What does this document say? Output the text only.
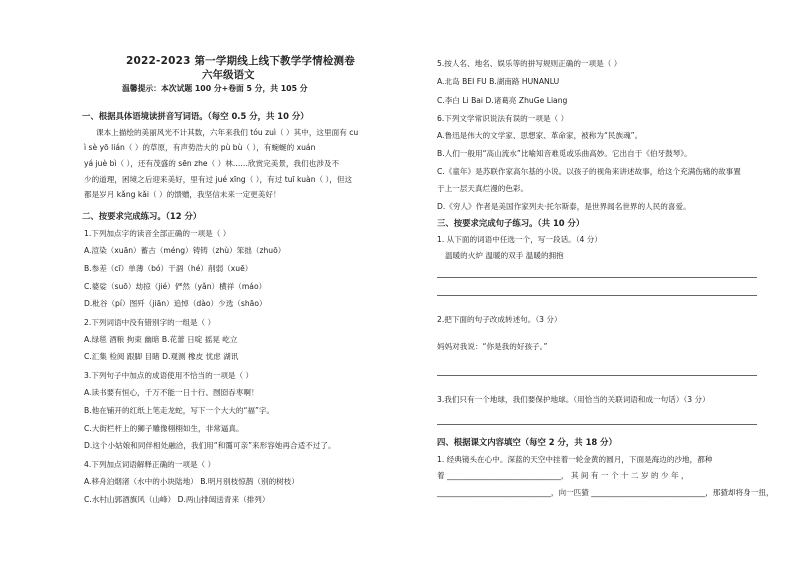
2022-2023 第一学期线上线下教学学情检测卷
六年级语文
温馨提示：本次试题 100 分+卷面 5 分，共 105 分
一、根据具体语境读拼音写词语。（每空 0.5 分，共 10 分）
课本上描绘的美丽风光不计其数，六年来我们 tóu zuì（ ）其中，这里面有 cu
ì sè yō lián（ ）的草原，有声势浩大的 pù bù（ ），有蜿蜒的 xuán
yá juè bì（ ），还有茂盛的 sēn zhe（ ）林……欣赏完美景，我们也涉及不
少的道理，困境之后迎来美好，里有过 jué xīng（ ），有过 tuī kuàn（ ），但这
都是岁月 kǎng kǎi（ ）的馈赠，我坚信未来一定更美好！
二、按要求完成练习。（12 分）
1.下列加点字的读音全部正确的一项是（ ）
A.渲染（xuān）蓄古（méng）铸铸（zhù）笨拙（zhuō）
B.参差（cī）单薄（bó）干涸（hé）削弱（xuē）
C.婆娑（suō）劫掠（jié）俨然（yǎn）横祥（máo）
D.枇谷（pí）图歼（jiān）追悼（dào）少选（shāo）
2.下列词语中没有错别字的一组是（ ）
A.绿毯 酒粮 拘束 幽暗 B.花蕾 日啶 摇晃 屹立
C.汇集 检阅 跟脚 目睹 D.观测 橡皮 忧虑 湖讯
3.下列句子中加点的成语使用不恰当的一项是（ ）
A.读书要有恒心，千万不能一日十行、囫囵吞枣啊！
B.他在铺开的红纸上笔走龙蛇，写下一个大大的“福”字。
C.大街栏杆上的狮子雕像栩栩如生，非常逼真。
D.这个小姑娘和同伴相处融洽，我们用“和霭可亲”来形容她再合适不过了。
4.下列加点词语解释正确的一项是（ ）
A.移舟泊烟渚（水中的小块陆地） B.明月别枝惊鹊（别的树枝）
C.水村山郭酒旗风（山峰） D.两山排闼送青来（排列）
5.按人名、地名、娱乐等的拼写规则正确的一项是（ ）
A.北岛 BEI FU B.湖南路 HUNANLU
C.李白 Li Bai D.诸葛亮 ZhuGe Liang
6.下列文学常识说法有误的一项是（ ）
A.鲁迅是伟大的文学家、思想家、革命家，被称为“民族魂”。
B.人们一般用“高山流水”比喻知音难觅或乐曲高妙。它出自于《伯牙鼓琴》。
C.《童年》是苏联作家高尔基的小说。以孩子的视角来讲述故事，给这个充满伤痛的故事置
于上一层天真烂漫的色彩。
D.《穷人》作者是美国作家列夫·托尔斯泰，是世界闻名世界的人民的喜爱。
三、按要求完成句子练习。（共 10 分）
1. 从下面的词语中任选一个，写一段话。（4 分）
温暖的火炉 温暖的双手 温暖的拥抱
2.把下面的句子改成转述句。（3 分）
妈妈对我说：“你是我的好孩子。”
3.我们只有一个地球，我们要保护地球。（用恰当的关联词语和成一句话）（3 分）
四、根据课文内容填空（每空 2 分，共 18 分）
1. 经典镜头在心中。深蓝的天空中挂着一轮金黄的圆月，下面是海边的沙地，都种
着 ______________________________， 其 间 有 一 个 十 二 岁 的 少 年 ，
______________________________，向一匹猹 ______________________________，那猹却将身一扭，
